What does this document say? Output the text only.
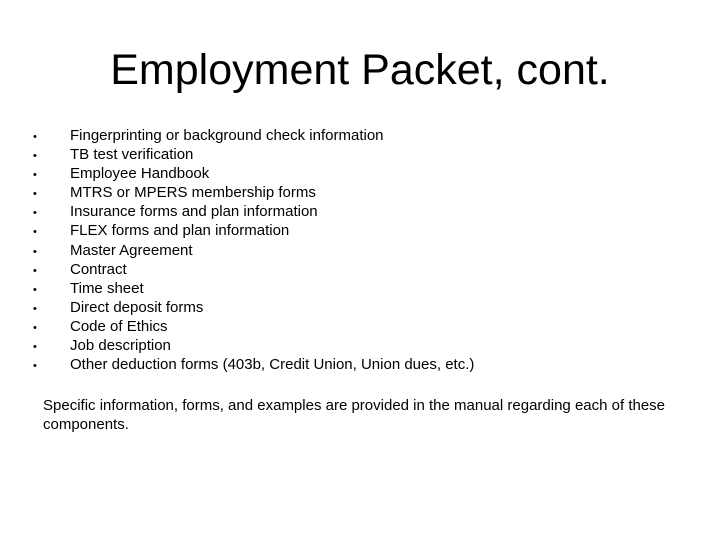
Employment Packet, cont.
•	Fingerprinting or background check information
•	TB test verification
•	Employee Handbook
•	MTRS or MPERS membership forms
•	Insurance forms and plan information
•	FLEX forms and plan information
•	Master Agreement
•	Contract
•	Time sheet
•	Direct deposit forms
•	Code of Ethics
•	Job description
•	Other deduction forms (403b, Credit Union, Union dues, etc.)

Specific information, forms, and examples are provided in the manual regarding each of these components.
